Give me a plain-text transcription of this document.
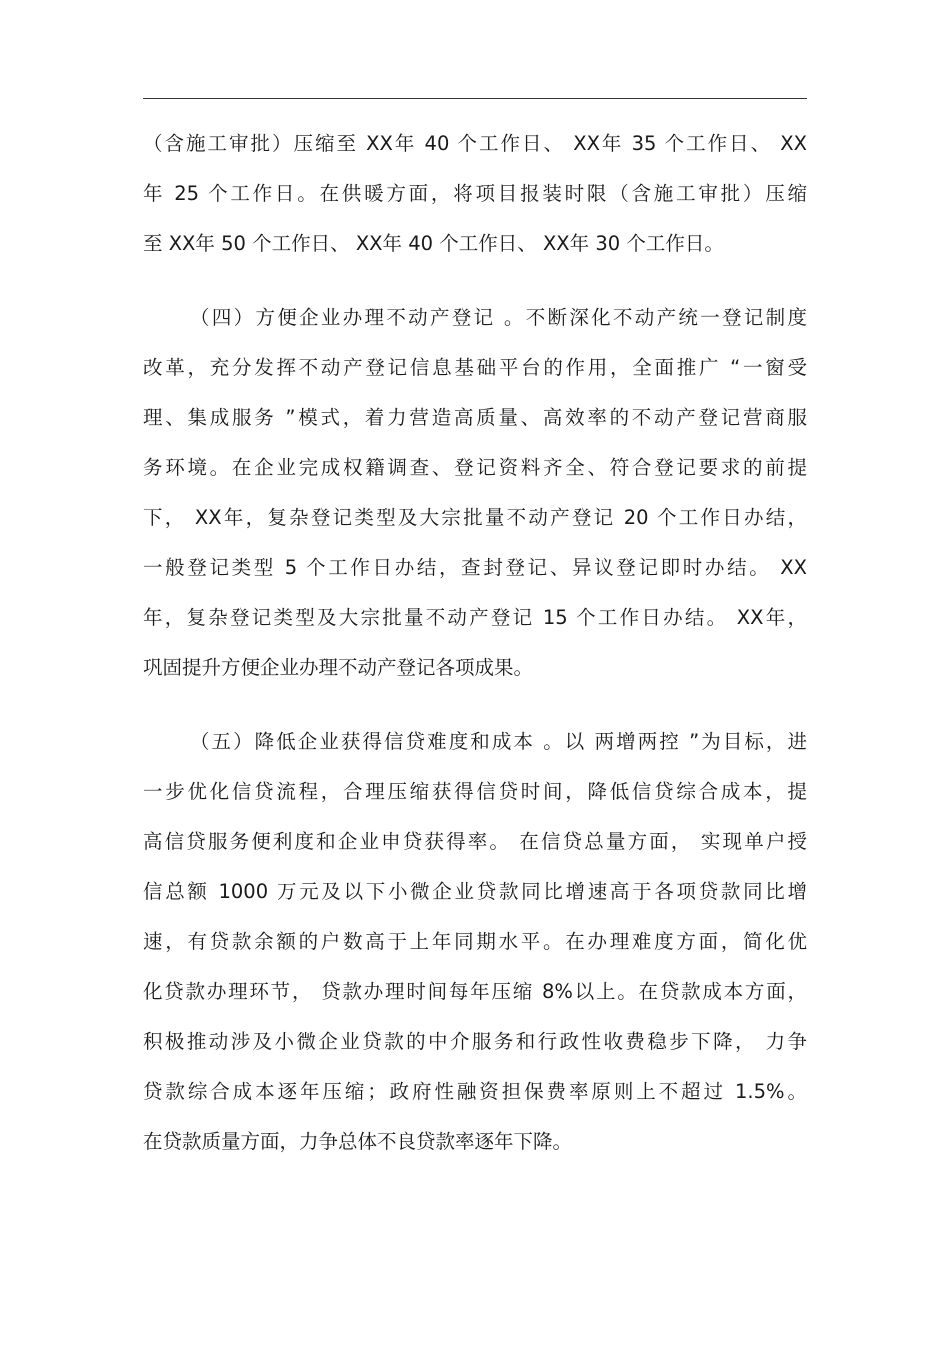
（含施工审批）压缩至 XX年 40 个工作日、 XX年 35 个工作日、 XX
年 25 个工作日。在供暖方面，将项目报装时限（含施工审批）压缩
至 XX年 50 个工作日、 XX年 40 个工作日、 XX年 30 个工作日。
（四）方便企业办理不动产登记 。不断深化不动产统一登记制度
改革，充分发挥不动产登记信息基础平台的作用，全面推广 “一窗受
理、集成服务 ”模式，着力营造高质量、高效率的不动产登记营商服
务环境。在企业完成权籍调查、登记资料齐全、符合登记要求的前提
下， XX年，复杂登记类型及大宗批量不动产登记 20 个工作日办结，
一般登记类型 5 个工作日办结，查封登记、异议登记即时办结。 XX
年，复杂登记类型及大宗批量不动产登记 15 个工作日办结。 XX年，
巩固提升方便企业办理不动产登记各项成果。
（五）降低企业获得信贷难度和成本 。以 两增两控 ”为目标，进
一步优化信贷流程，合理压缩获得信贷时间，降低信贷综合成本，提
高信贷服务便利度和企业申贷获得率。 在信贷总量方面， 实现单户授
信总额 1000 万元及以下小微企业贷款同比增速高于各项贷款同比增
速，有贷款余额的户数高于上年同期水平。在办理难度方面，简化优
化贷款办理环节， 贷款办理时间每年压缩 8%以上。在贷款成本方面，
积极推动涉及小微企业贷款的中介服务和行政性收费稳步下降， 力争
贷款综合成本逐年压缩；政府性融资担保费率原则上不超过 1.5%。
在贷款质量方面，力争总体不良贷款率逐年下降。
